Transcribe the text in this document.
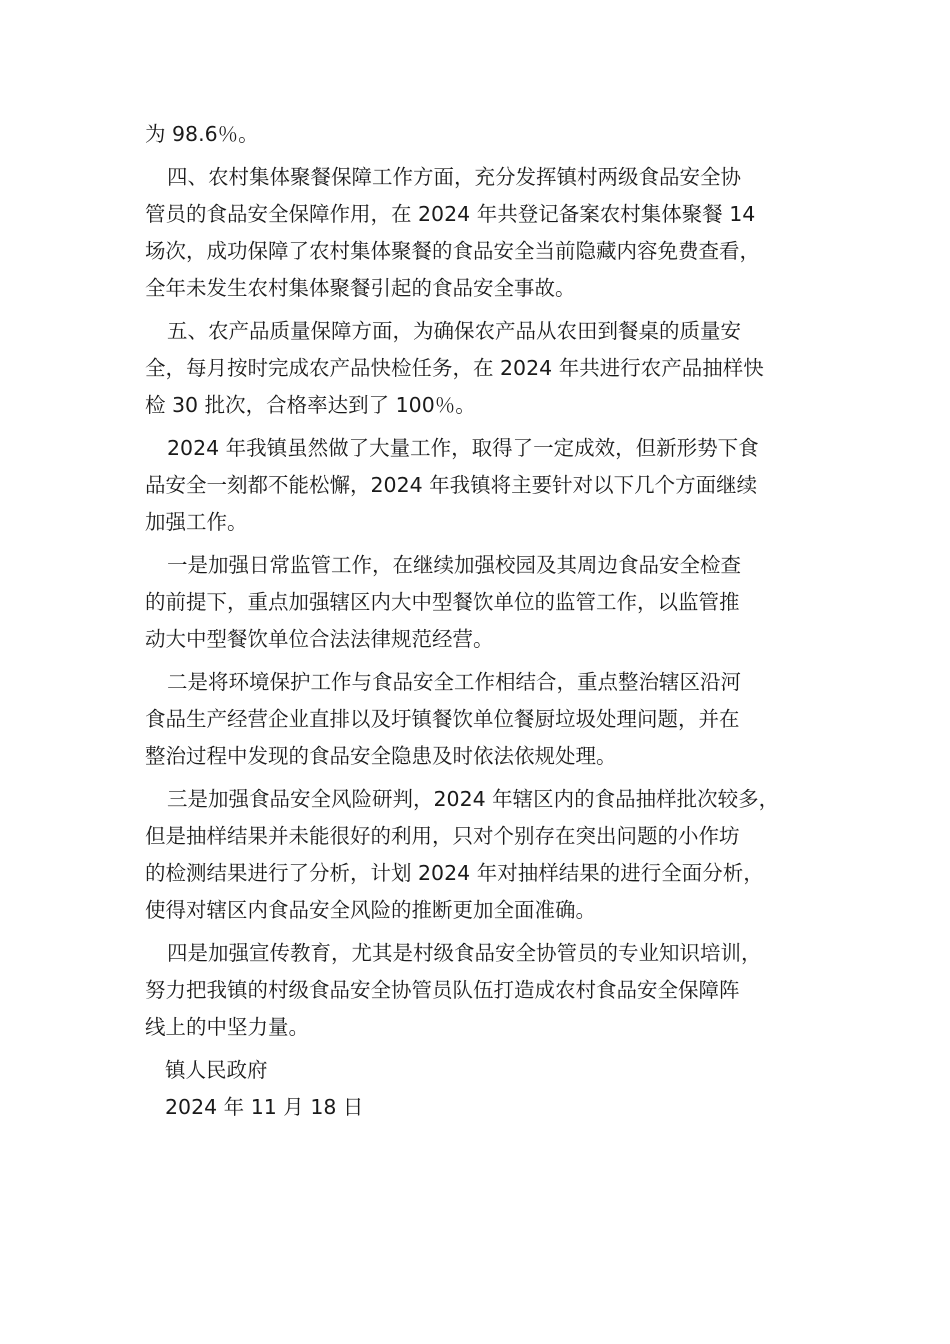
为 98.6％。
四、农村集体聚餐保障工作方面，充分发挥镇村两级食品安全协
管员的食品安全保障作用，在 2024 年共登记备案农村集体聚餐 14
场次，成功保障了农村集体聚餐的食品安全当前隐藏内容免费查看，
全年未发生农村集体聚餐引起的食品安全事故。
五、农产品质量保障方面，为确保农产品从农田到餐桌的质量安
全，每月按时完成农产品快检任务，在 2024 年共进行农产品抽样快
检 30 批次，合格率达到了 100％。
2024 年我镇虽然做了大量工作，取得了一定成效，但新形势下食
品安全一刻都不能松懈，2024 年我镇将主要针对以下几个方面继续
加强工作。
一是加强日常监管工作，在继续加强校园及其周边食品安全检查
的前提下，重点加强辖区内大中型餐饮单位的监管工作，以监管推
动大中型餐饮单位合法法律规范经营。
二是将环境保护工作与食品安全工作相结合，重点整治辖区沿河
食品生产经营企业直排以及圩镇餐饮单位餐厨垃圾处理问题，并在
整治过程中发现的食品安全隐患及时依法依规处理。
三是加强食品安全风险研判，2024 年辖区内的食品抽样批次较多，
但是抽样结果并未能很好的利用，只对个别存在突出问题的小作坊
的检测结果进行了分析，计划 2024 年对抽样结果的进行全面分析，
使得对辖区内食品安全风险的推断更加全面准确。
四是加强宣传教育，尤其是村级食品安全协管员的专业知识培训，
努力把我镇的村级食品安全协管员队伍打造成农村食品安全保障阵
线上的中坚力量。
镇人民政府
2024 年 11 月 18 日
